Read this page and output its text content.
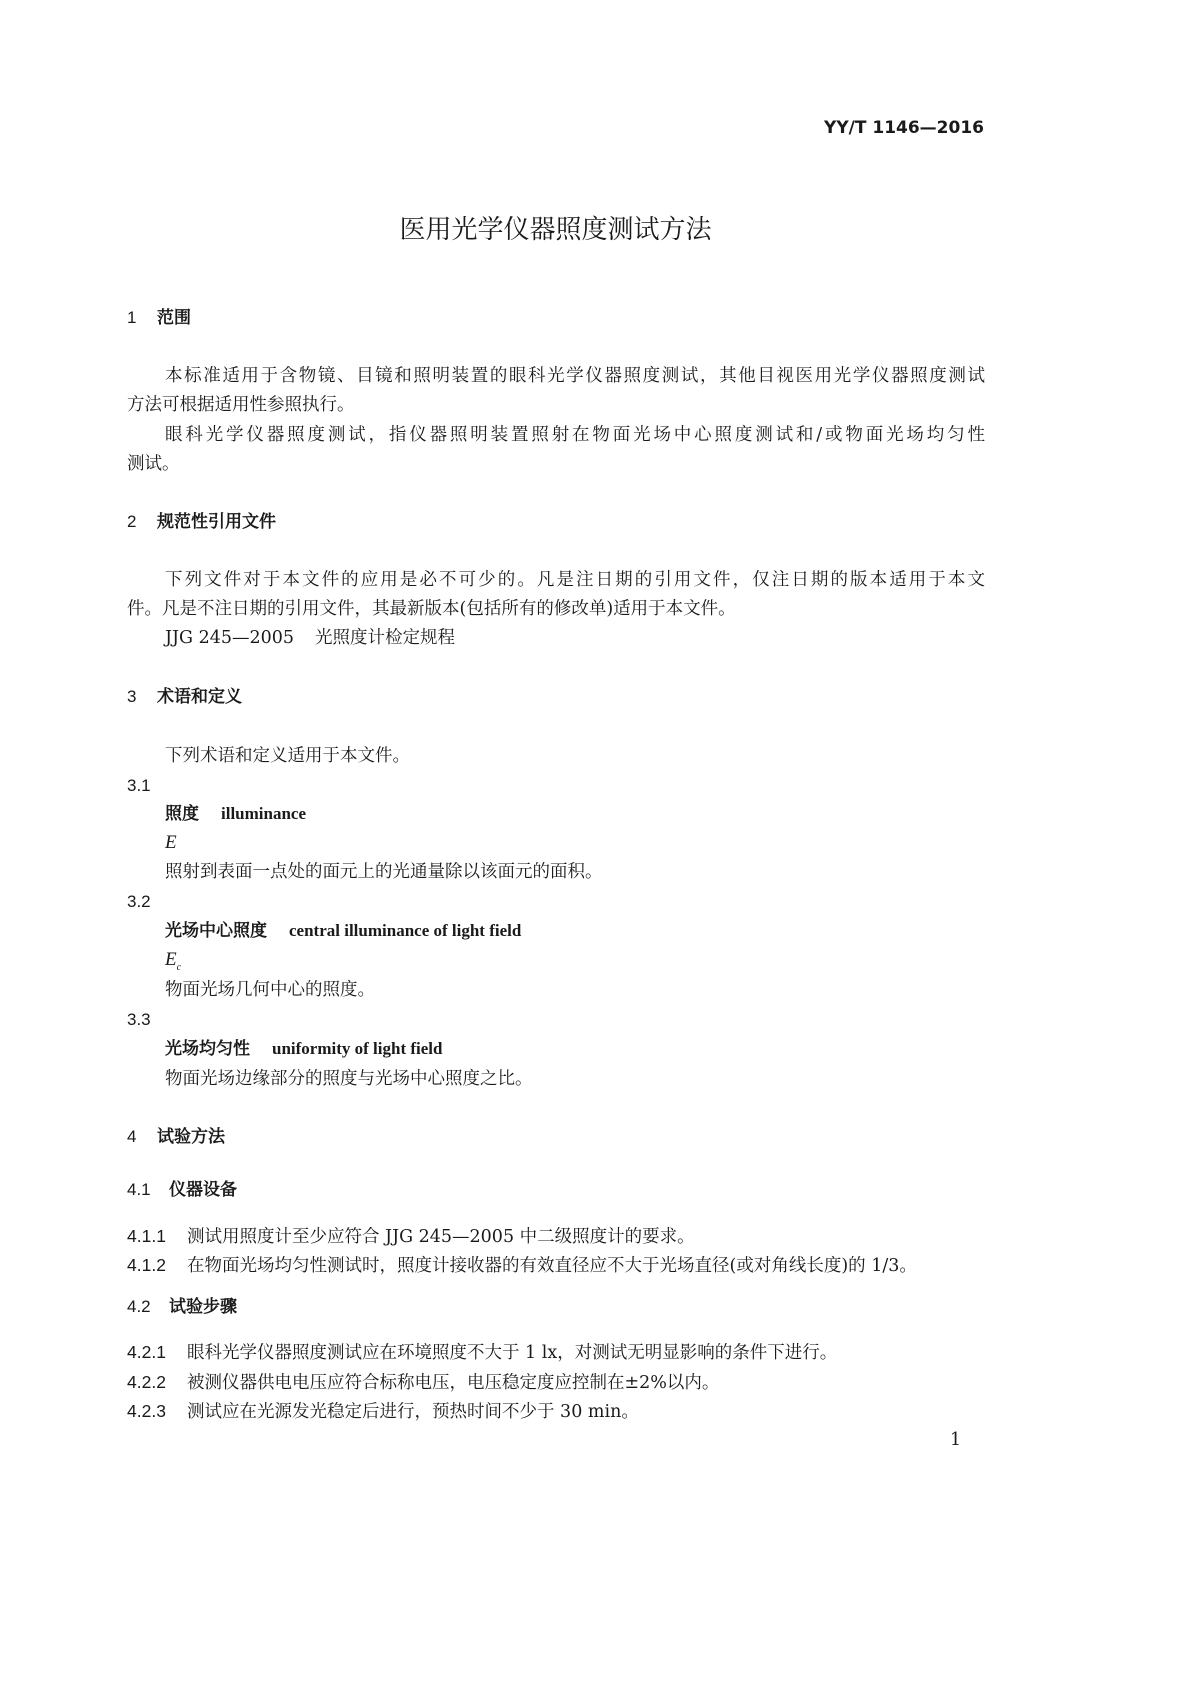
YY/T 1146—2016
医用光学仪器照度测试方法
1 范围
本标准适用于含物镜、目镜和照明装置的眼科光学仪器照度测试，其他目视医用光学仪器照度测试
方法可根据适用性参照执行。
眼科光学仪器照度测试，指仪器照明装置照射在物面光场中心照度测试和/或物面光场均匀性
测试。
2 规范性引用文件
下列文件对于本文件的应用是必不可少的。凡是注日期的引用文件，仅注日期的版本适用于本文
件。凡是不注日期的引用文件，其最新版本(包括所有的修改单)适用于本文件。
JJG 245—2005 光照度计检定规程
3 术语和定义
下列术语和定义适用于本文件。
3.1
照度 illuminance
E
照射到表面一点处的面元上的光通量除以该面元的面积。
3.2
光场中心照度 central illuminance of light field
$E_c$
物面光场几何中心的照度。
3.3
光场均匀性 uniformity of light field
物面光场边缘部分的照度与光场中心照度之比。
4 试验方法
4.1 仪器设备
4.1.1 测试用照度计至少应符合 JJG 245—2005 中二级照度计的要求。
4.1.2 在物面光场均匀性测试时，照度计接收器的有效直径应不大于光场直径(或对角线长度)的 1/3。
4.2 试验步骤
4.2.1 眼科光学仪器照度测试应在环境照度不大于 1 lx，对测试无明显影响的条件下进行。
4.2.2 被测仪器供电电压应符合标称电压，电压稳定度应控制在±2%以内。
4.2.3 测试应在光源发光稳定后进行，预热时间不少于 30 min。
1
